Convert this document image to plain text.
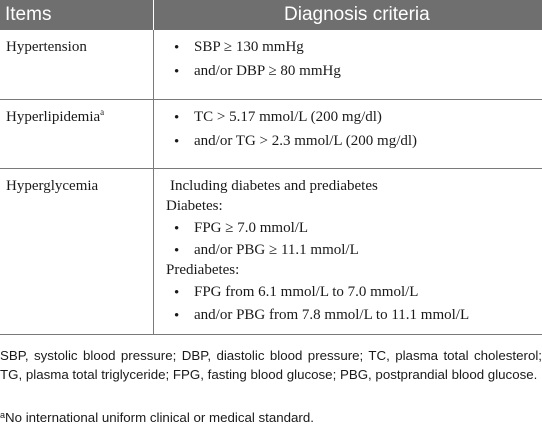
Items	Diagnosis criteria
Hypertension	• SBP ≥ 130 mmHg
• and/or DBP ≥ 80 mmHg
Hyperlipidemia$^a$	• TC > 5.17 mmol/L (200 mg/dl)
• and/or TG > 2.3 mmol/L (200 mg/dl)
Hyperglycemia	Including diabetes and prediabetes
Diabetes:
• FPG ≥ 7.0 mmol/L
• and/or PBG ≥ 11.1 mmol/L
Prediabetes:
• FPG from 6.1 mmol/L to 7.0 mmol/L
• and/or PBG from 7.8 mmol/L to 11.1 mmol/L
SBP, systolic blood pressure; DBP, diastolic blood pressure; TC, plasma total cholesterol; TG, plasma total triglyceride; FPG, fasting blood glucose; PBG, postprandial blood glucose.
$^a$No international uniform clinical or medical standard.
